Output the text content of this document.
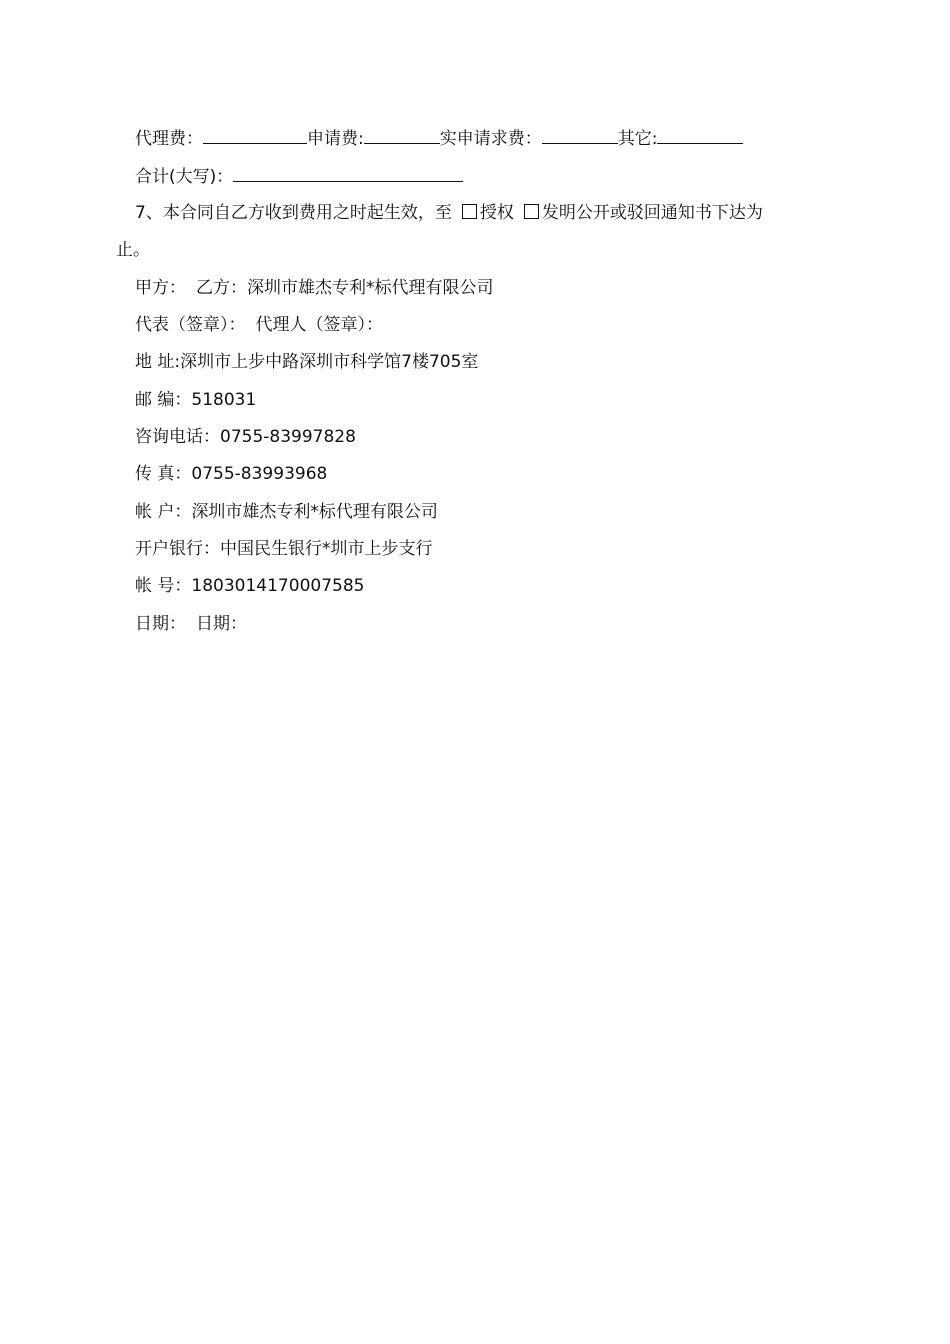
代理费：	申请费:	实申请求费：	其它:
合计(大写)：
7、本合同自乙方收到费用之时起生效，至 授权 发明公开或驳回通知书下达为
止。
甲方： 乙方：深圳市雄杰专利*标代理有限公司
代表（签章）： 代理人（签章）：
地 址:深圳市上步中路深圳市科学馆7楼705室
邮 编：518031
咨询电话：0755-83997828
传 真：0755-83993968
帐 户：深圳市雄杰专利*标代理有限公司
开户银行：中国民生银行*圳市上步支行
帐 号：1803014170007585
日期： 日期：
